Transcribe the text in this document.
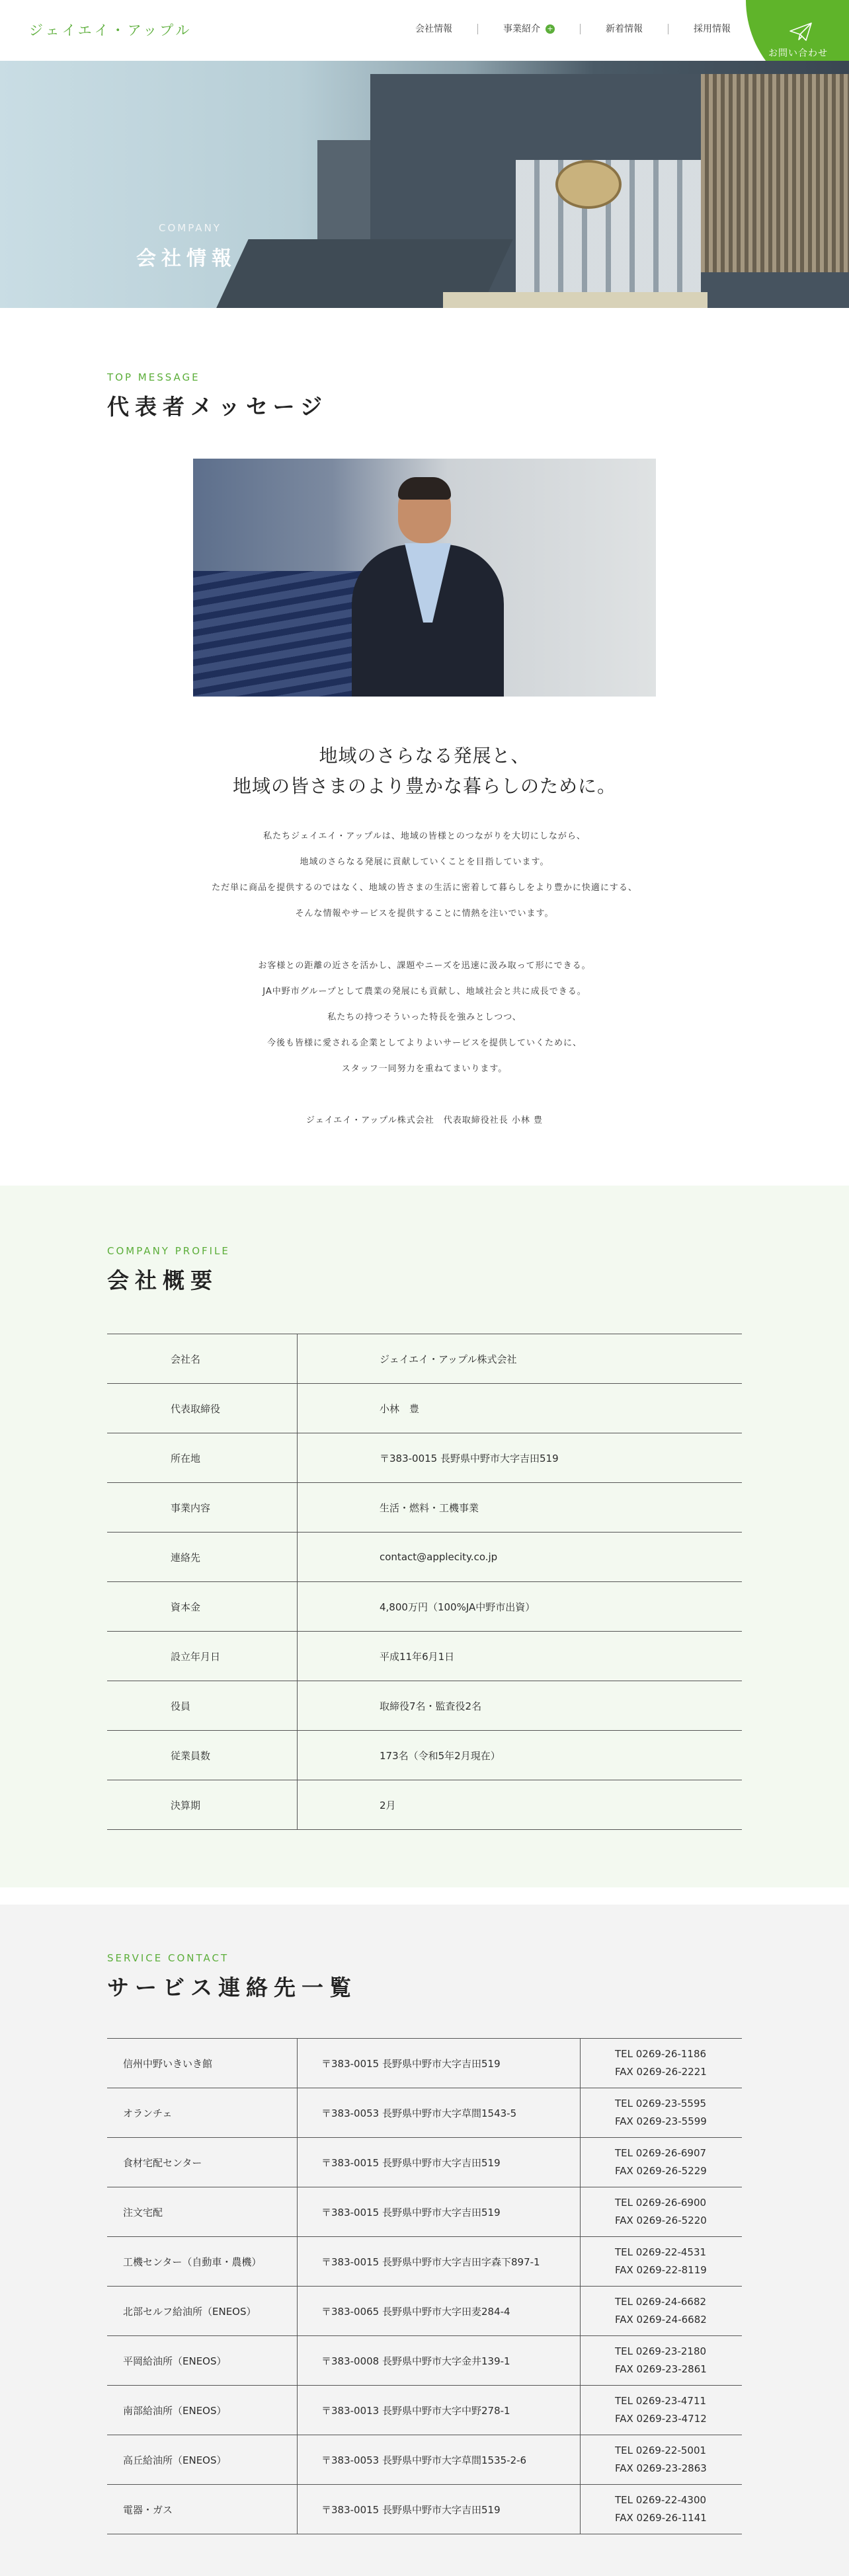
ジェイエイ・アップル	会社情報	事業紹介 +	新着情報	採用情報
お問い合わせ
COMPANY
会社情報
TOP MESSAGE
代表者メッセージ

地域のさらなる発展と、

地域の皆さまのより豊かな暮らしのために。

私たちジェイエイ・アップルは、地域の皆様とのつながりを大切にしながら、

地域のさらなる発展に貢献していくことを目指しています。

ただ単に商品を提供するのではなく、地域の皆さまの生活に密着して暮らしをより豊かに快適にする、

そんな情報やサービスを提供することに情熱を注いでいます。

お客様との距離の近さを活かし、課題やニーズを迅速に汲み取って形にできる。

JA中野市グループとして農業の発展にも貢献し、地域社会と共に成長できる。

私たちの持つそういった特長を強みとしつつ、

今後も皆様に愛される企業としてよりよいサービスを提供していくために、

スタッフ一同努力を重ねてまいります。

ジェイエイ・アップル株式会社　代表取締役社長 小林 豊

COMPANY PROFILE
会社概要
会社名	ジェイエイ・アップル株式会社
代表取締役	小林　豊
所在地	〒383-0015 長野県中野市大字吉田519
事業内容	生活・燃料・工機事業
連絡先	contact@applecity.co.jp
資本金	4,800万円（100%JA中野市出資）
設立年月日	平成11年6月1日
役員	取締役7名・監査役2名
従業員数	173名（令和5年2月現在）
決算期	2月
SERVICE CONTACT
サービス連絡先一覧
信州中野いきいき館	〒383-0015 長野県中野市大字吉田519
TEL 0269-26-1186
FAX 0269-26-2221
オランチェ	〒383-0053 長野県中野市大字草間1543-5
TEL 0269-23-5595
FAX 0269-23-5599
食材宅配センター	〒383-0015 長野県中野市大字吉田519
TEL 0269-26-6907
FAX 0269-26-5229
注文宅配	〒383-0015 長野県中野市大字吉田519
TEL 0269-26-6900
FAX 0269-26-5220
工機センター（自動車・農機）	〒383-0015 長野県中野市大字吉田字森下897-1
TEL 0269-22-4531
FAX 0269-22-8119
北部セルフ給油所（ENEOS）	〒383-0065 長野県中野市大字田麦284-4
TEL 0269-24-6682
FAX 0269-24-6682
平岡給油所（ENEOS）	〒383-0008 長野県中野市大字金井139-1
TEL 0269-23-2180
FAX 0269-23-2861
南部給油所（ENEOS）	〒383-0013 長野県中野市大字中野278-1
TEL 0269-23-4711
FAX 0269-23-4712
高丘給油所（ENEOS）	〒383-0053 長野県中野市大字草間1535-2-6
TEL 0269-22-5001
FAX 0269-23-2863
電器・ガス	〒383-0015 長野県中野市大字吉田519
TEL 0269-22-4300
FAX 0269-26-1141
